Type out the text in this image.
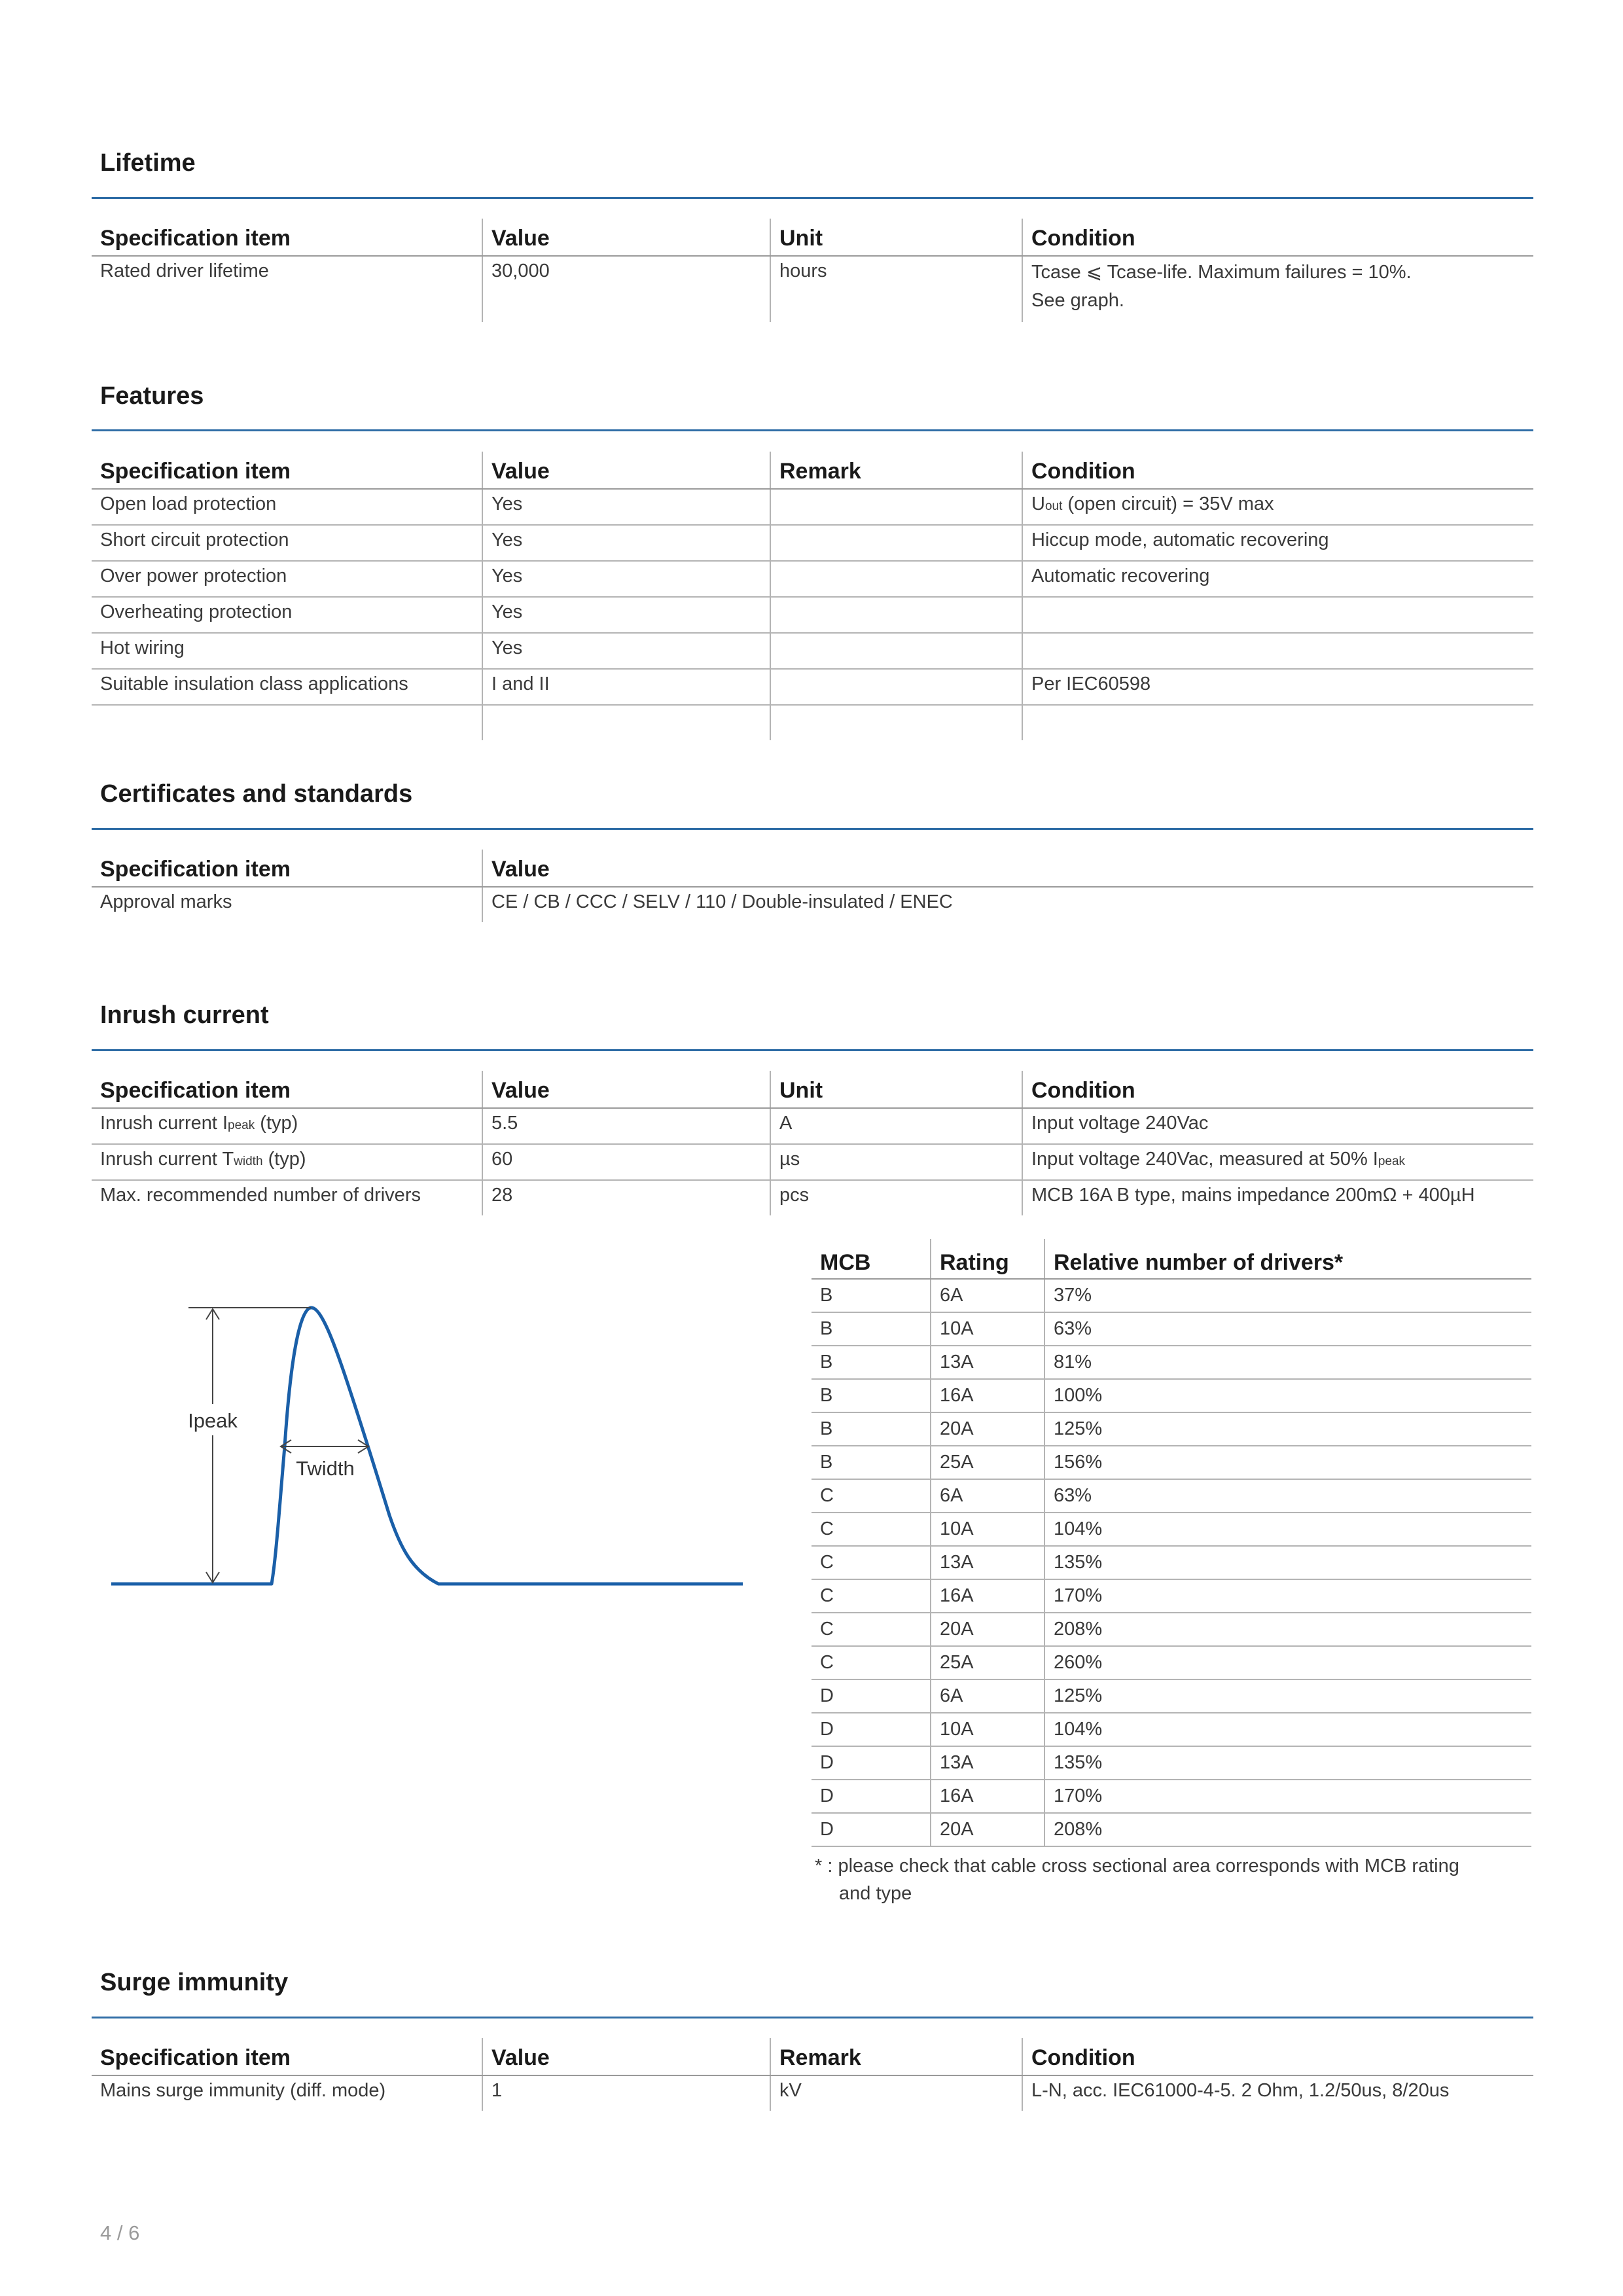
Lifetime
Specification item	Value	Unit	Condition
Rated driver lifetime	30,000	hours	Tcase ⩽ Tcase-life. Maximum failures = 10%.
See graph.
Features
Specification item	Value	Remark	Condition
Open load protection	Yes		Uout (open circuit) = 35V max
Short circuit protection	Yes		Hiccup mode, automatic recovering
Over power protection	Yes		Automatic recovering
Overheating protection	Yes		
Hot wiring	Yes		
Suitable insulation class applications	I and II		Per IEC60598

Certificates and standards
Specification item	Value
Approval marks	CE / CB / CCC / SELV / 110 / Double-insulated / ENEC
Inrush current
Specification item	Value	Unit	Condition
Inrush current Ipeak (typ)	5.5	A	Input voltage 240Vac
Inrush current Twidth (typ)	60	µs	Input voltage 240Vac, measured at 50% Ipeak
Max. recommended number of drivers	28	pcs	MCB 16A B type, mains impedance 200mΩ + 400µH
Ipeak
Twidth
MCB	Rating	Relative number of drivers*
B	6A	37%
B	10A	63%
B	13A	81%
B	16A	100%
B	20A	125%
B	25A	156%
C	6A	63%
C	10A	104%
C	13A	135%
C	16A	170%
C	20A	208%
C	25A	260%
D	6A	125%
D	10A	104%
D	13A	135%
D	16A	170%
D	20A	208%
* : please check that cable cross sectional area corresponds with MCB rating
and type
Surge immunity
Specification item	Value	Remark	Condition
Mains surge immunity (diff. mode)	1	kV	L-N, acc. IEC61000-4-5. 2 Ohm, 1.2/50us, 8/20us
4 / 6
